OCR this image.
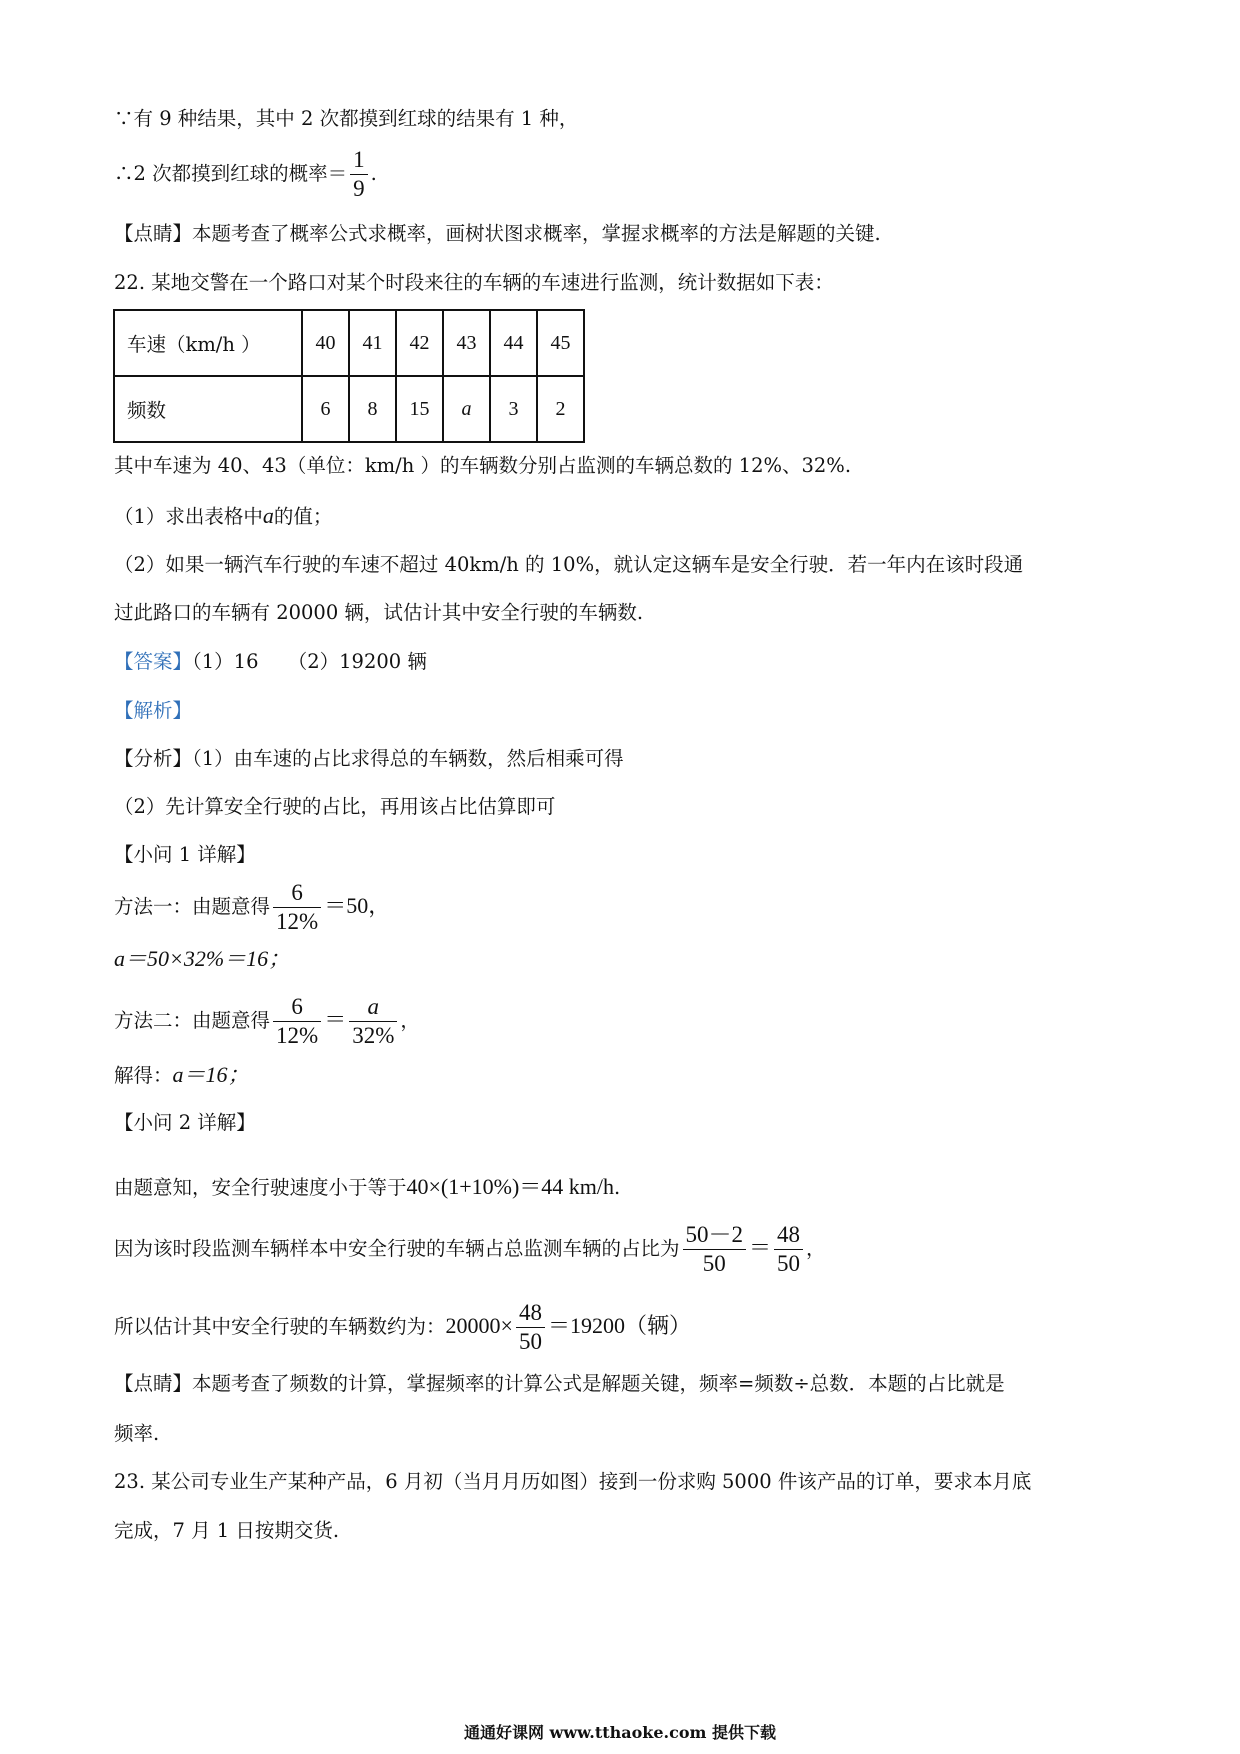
∵有 9 种结果，其中 2 次都摸到红球的结果有 1 种，
∴2 次都摸到红球的概率＝ $\frac{1}{9}$ .
【点睛】本题考查了概率公式求概率，画树状图求概率，掌握求概率的方法是解题的关键.
22. 某地交警在一个路口对某个时段来往的车辆的车速进行监测，统计数据如下表：
车速（km/h ）	40	41	42	43	44	45
频数	6	8	15	a	3	2
其中车速为 40、43（单位：km/h ）的车辆数分别占监测的车辆总数的 12%、32%.
（1）求出表格中a的值；
（2）如果一辆汽车行驶的车速不超过 40km/h 的 10%，就认定这辆车是安全行驶．若一年内在该时段通
过此路口的车辆有 20000 辆，试估计其中安全行驶的车辆数.
【答案】（1）16　　（2）19200 辆
【解析】
【分析】（1）由车速的占比求得总的车辆数，然后相乘可得
（2）先计算安全行驶的占比，再用该占比估算即可
【小问 1 详解】
方法一：由题意得 $\frac{6}{12\%} =50$，
a＝50×32%＝16；
方法二：由题意得 $\frac{6}{12\%} = \frac{a}{32\%}$ ，
解得：a＝16；
【小问 2 详解】
由题意知，安全行驶速度小于等于40×(1+10%)＝44 km/h.
因为该时段监测车辆样本中安全行驶的车辆占总监测车辆的占比为 $\frac{50-2}{50} = \frac{48}{50}$ ，
所以估计其中安全行驶的车辆数约为：$20000\times \frac{48}{50} =19200$（辆）
【点睛】本题考查了频数的计算，掌握频率的计算公式是解题关键，频率=频数÷总数．本题的占比就是
频率.
23. 某公司专业生产某种产品，6 月初（当月月历如图）接到一份求购 5000 件该产品的订单，要求本月底
完成，7 月 1 日按期交货.
通通好课网 www.tthaoke.com 提供下载
